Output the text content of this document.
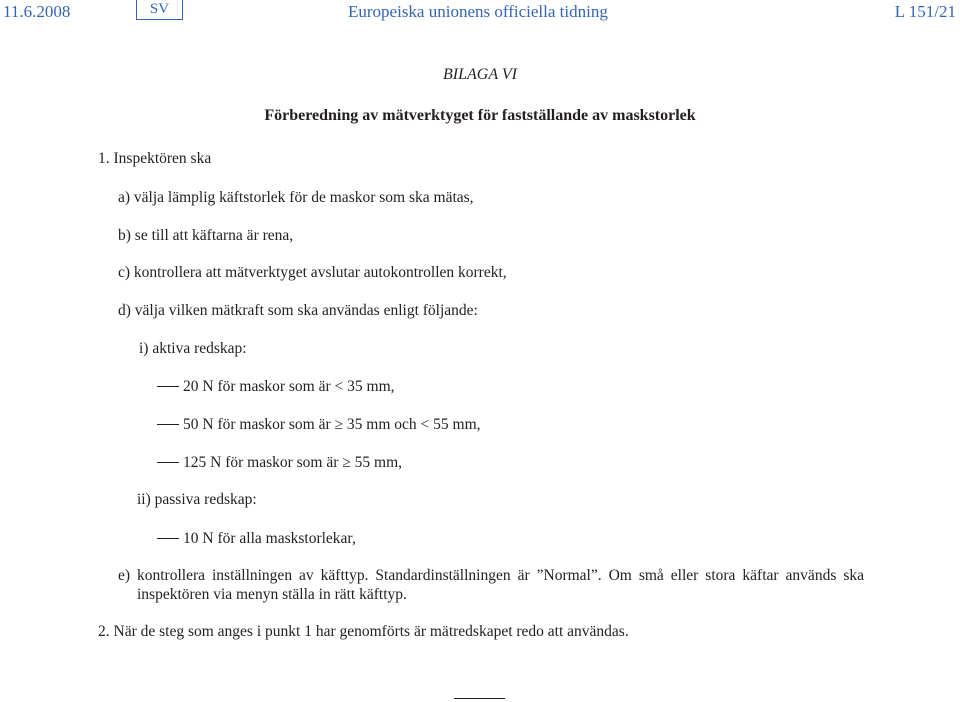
11.6.2008	SV	Europeiska unionens officiella tidning	L 151/21
BILAGA VI
Förberedning av mätverktyget för fastställande av maskstorlek
1. Inspektören ska
a) välja lämplig käftstorlek för de maskor som ska mätas,
b) se till att käftarna är rena,
c) kontrollera att mätverktyget avslutar autokontrollen korrekt,
d) välja vilken mätkraft som ska användas enligt följande:
i) aktiva redskap:
20 N för maskor som är < 35 mm,
50 N för maskor som är ≥ 35 mm och < 55 mm,
125 N för maskor som är ≥ 55 mm,
ii) passiva redskap:
10 N för alla maskstorlekar,
e) kontrollera inställningen av käfttyp. Standardinställningen är ”Normal”. Om små eller stora käftar används ska inspektören via menyn ställa in rätt käfttyp.
2. När de steg som anges i punkt 1 har genomförts är mätredskapet redo att användas.
